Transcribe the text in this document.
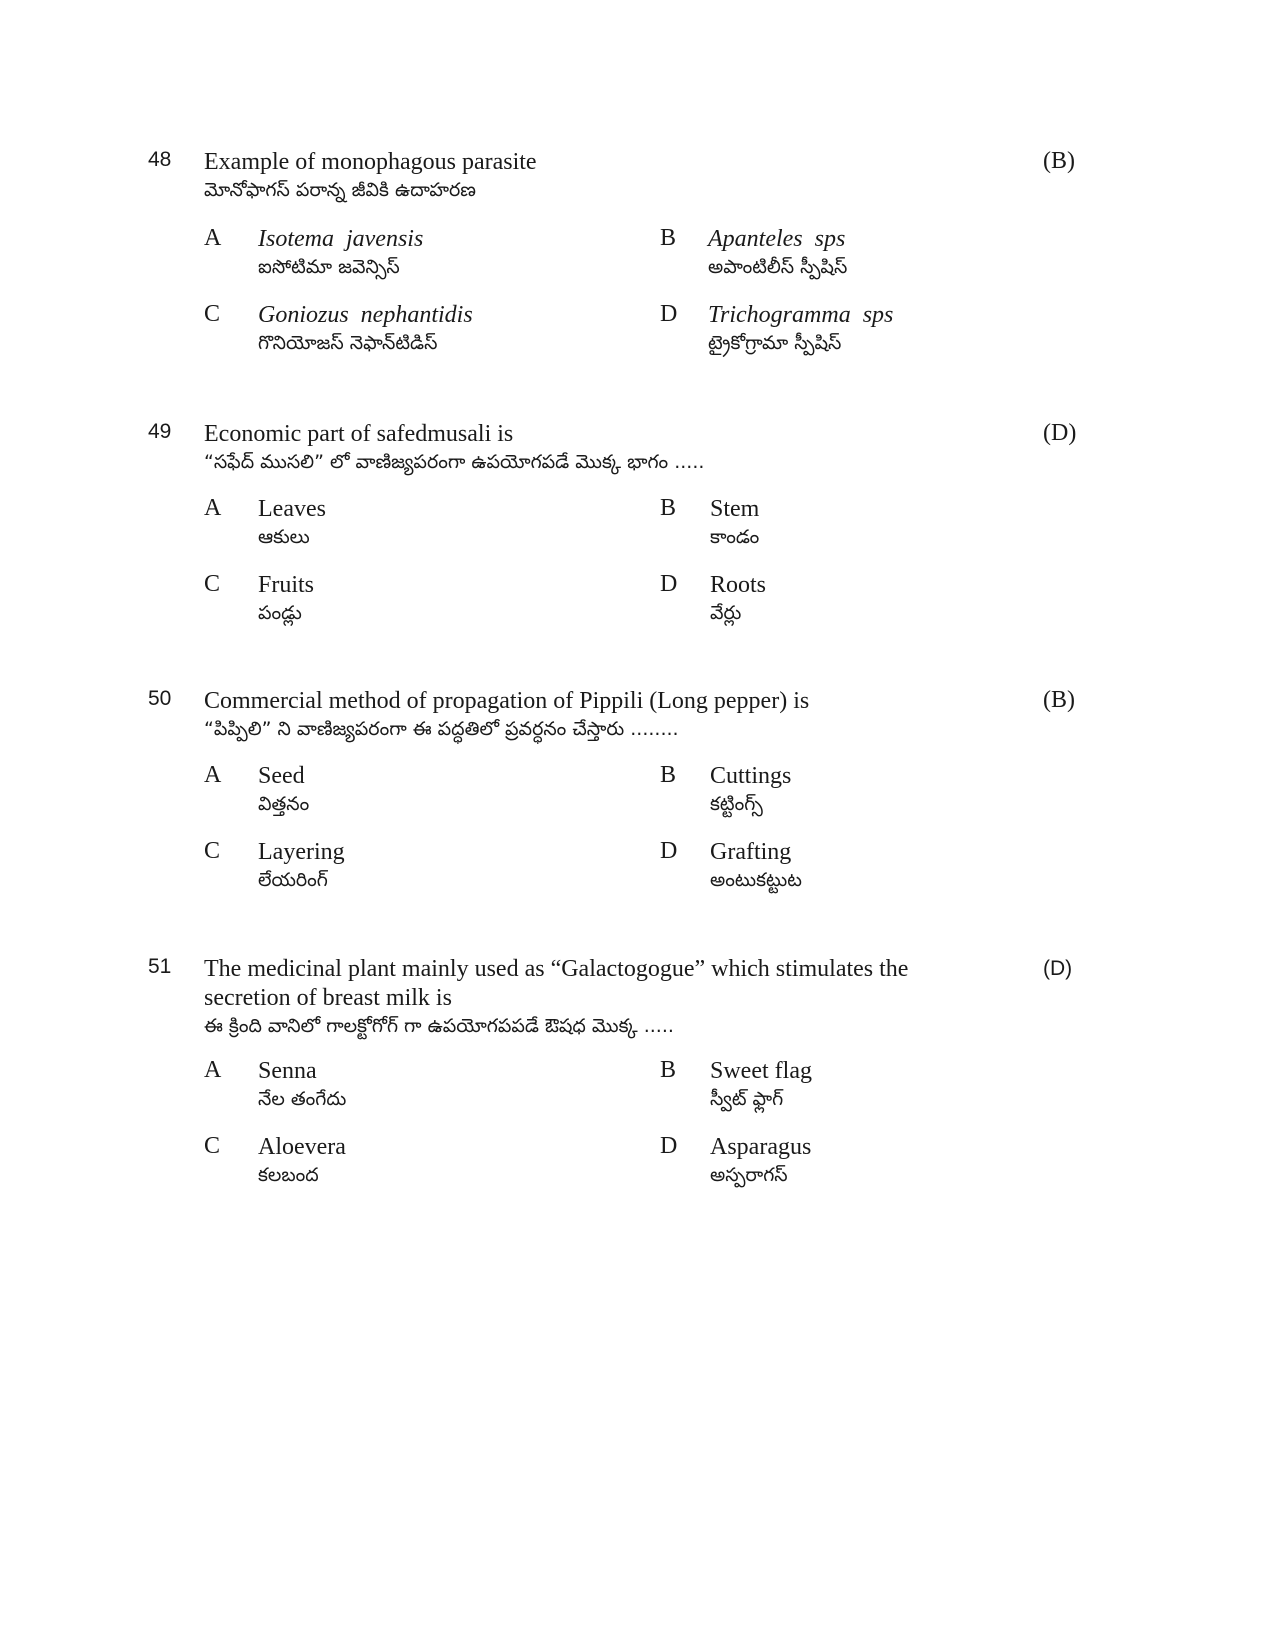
48 Example of monophagous parasite
మోనోఫాగస్ పరాన్న జీవికి ఉదాహరణ
(B)
A Isotema javensis
ఐసోటిమా జవెన్సిస్
B Apanteles sps
అపాంటిలీస్ స్పీషిస్
C Goniozus nephantidis
గొనియోజస్ నెఫాన్‌టిడిస్
D Trichogramma sps
ట్రైకోగ్రామా స్పీషిస్
49 Economic part of safedmusali is
“సఫేద్ ముసలి” లో వాణిజ్యపరంగా ఉపయోగపడే మొక్క భాగం .....
(D)
A Leaves
ఆకులు
B Stem
కాండం
C Fruits
పండ్లు
D Roots
వేర్లు
50 Commercial method of propagation of Pippili (Long pepper) is
“పిప్పిలి” ని వాణిజ్యపరంగా ఈ పద్ధతిలో ప్రవర్ధనం చేస్తారు ........
(B)
A Seed
విత్తనం
B Cuttings
కట్టింగ్స్
C Layering
లేయరింగ్
D Grafting
అంటుకట్టుట
51 The medicinal plant mainly used as “Galactogogue” which stimulates the secretion of breast milk is
ఈ క్రింది వానిలో గాలక్టోగోగ్ గా ఉపయోగపపడే ఔషధ మొక్క .....
(D)
A Senna
నేల తంగేదు
B Sweet flag
స్వీట్ ఫ్లాగ్
C Aloevera
కలబంద
D Asparagus
అస్పరాగస్
